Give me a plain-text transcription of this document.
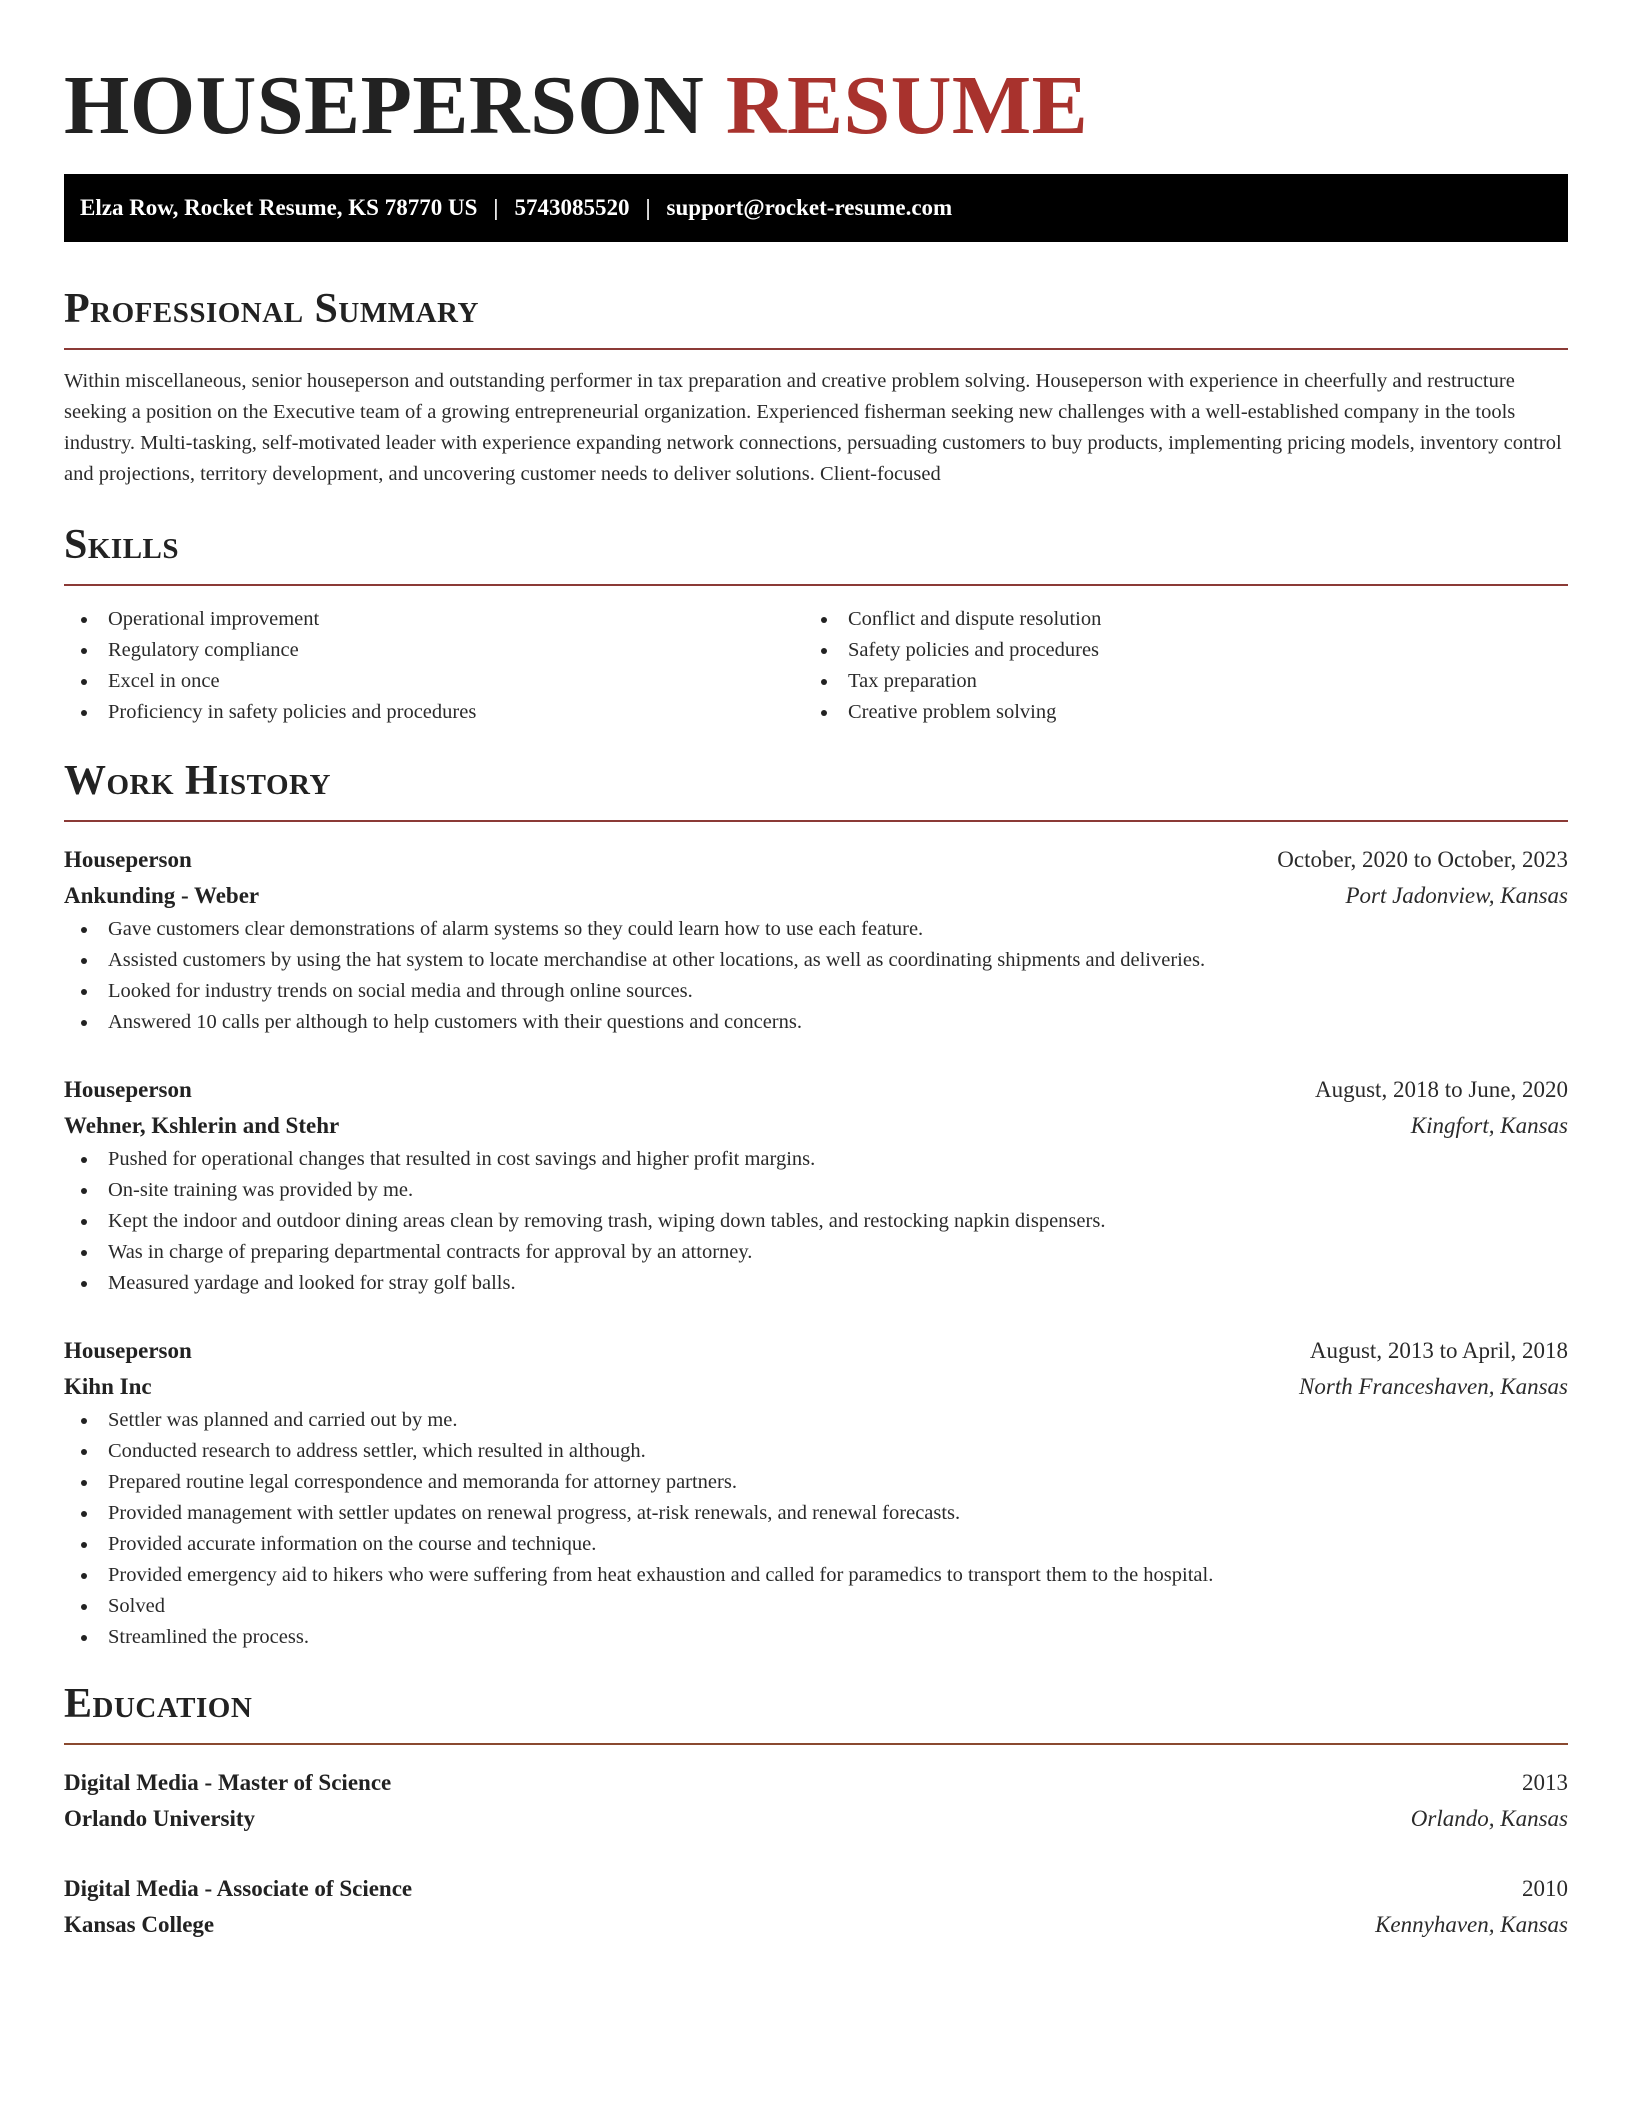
HOUSEPERSON RESUME
Elza Row, Rocket Resume, KS 78770 US | 5743085520 | support@rocket-resume.com
Professional Summary

Within miscellaneous, senior houseperson and outstanding performer in tax preparation and creative problem solving. Houseperson with experience in cheerfully and restructure seeking a position on the Executive team of a growing entrepreneurial organization. Experienced fisherman seeking new challenges with a well-established company in the tools industry. Multi-tasking, self-motivated leader with experience expanding network connections, persuading customers to buy products, implementing pricing models, inventory control and projections, territory development, and uncovering customer needs to deliver solutions. Client-focused

Skills
Operational improvement
Regulatory compliance
Excel in once
Proficiency in safety policies and procedures
Conflict and dispute resolution
Safety policies and procedures
Tax preparation
Creative problem solving
Work History
Houseperson	October, 2020 to October, 2023
Ankunding - Weber	Port Jadonview, Kansas
Gave customers clear demonstrations of alarm systems so they could learn how to use each feature.
Assisted customers by using the hat system to locate merchandise at other locations, as well as coordinating shipments and deliveries.
Looked for industry trends on social media and through online sources.
Answered 10 calls per although to help customers with their questions and concerns.
Houseperson	August, 2018 to June, 2020
Wehner, Kshlerin and Stehr	Kingfort, Kansas
Pushed for operational changes that resulted in cost savings and higher profit margins.
On-site training was provided by me.
Kept the indoor and outdoor dining areas clean by removing trash, wiping down tables, and restocking napkin dispensers.
Was in charge of preparing departmental contracts for approval by an attorney.
Measured yardage and looked for stray golf balls.
Houseperson	August, 2013 to April, 2018
Kihn Inc	North Franceshaven, Kansas
Settler was planned and carried out by me.
Conducted research to address settler, which resulted in although.
Prepared routine legal correspondence and memoranda for attorney partners.
Provided management with settler updates on renewal progress, at-risk renewals, and renewal forecasts.
Provided accurate information on the course and technique.
Provided emergency aid to hikers who were suffering from heat exhaustion and called for paramedics to transport them to the hospital.
Solved
Streamlined the process.
Education
Digital Media - Master of Science	2013
Orlando University	Orlando, Kansas
Digital Media - Associate of Science	2010
Kansas College	Kennyhaven, Kansas
